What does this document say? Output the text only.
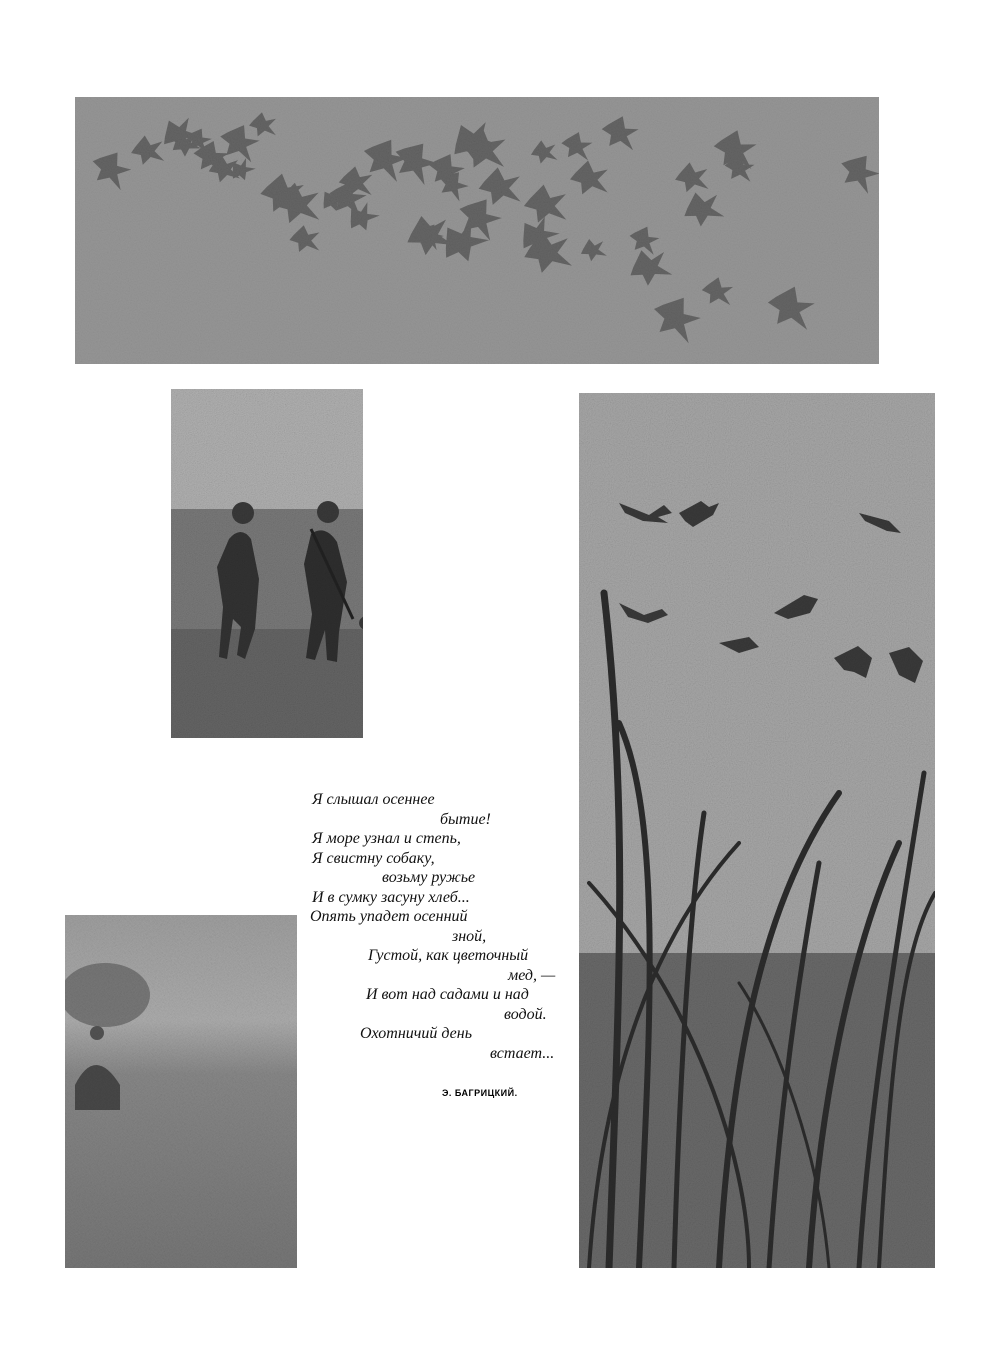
Я слышал осеннее
бытие!
Я море узнал и степь,
Я свистну собаку,
возьму ружье
И в сумку засуну хлеб...
Опять упадет осенний
зной,
Густой, как цветочный
мед, —
И вот над садами и над
водой.
Охотничий день
встает...
Э. БАГРИЦКИЙ.
